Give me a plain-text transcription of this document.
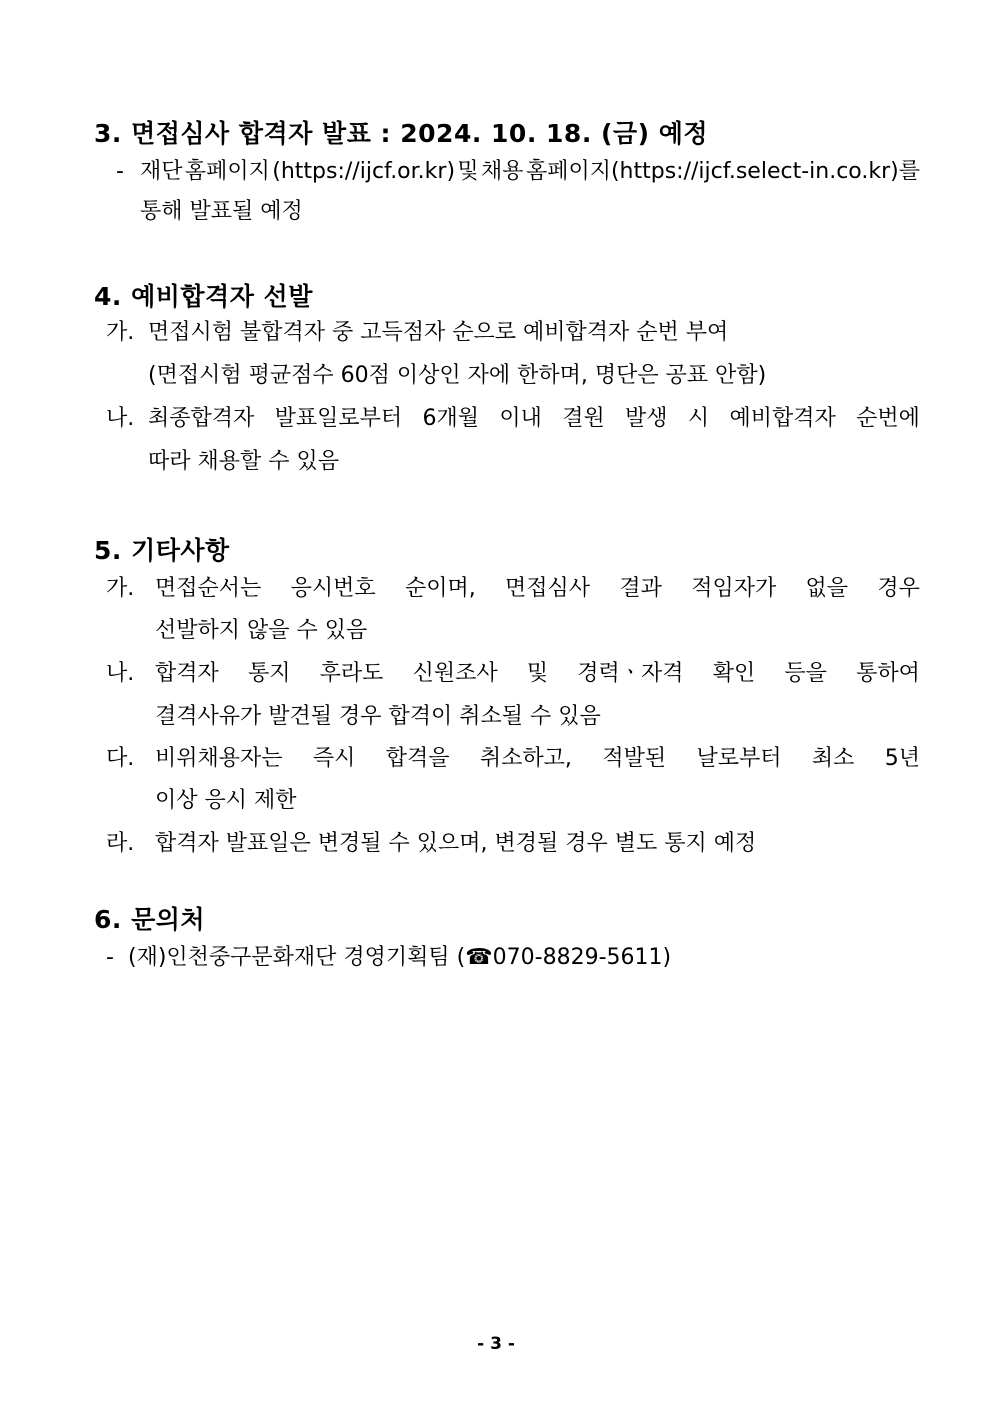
3. 면접심사 합격자 발표 : 2024. 10. 18. (금) 예정
- 재단 홈페이지 (https://ijcf.or.kr) 및 채용 홈페이지(https://ijcf.select-in.co.kr)를
통해 발표될 예정
4. 예비합격자 선발
가. 면접시험 불합격자 중 고득점자 순으로 예비합격자 순번 부여
(면접시험 평균점수 60점 이상인 자에 한하며, 명단은 공표 안함)
나. 최종합격자 발표일로부터 6개월 이내 결원 발생 시 예비합격자 순번에
따라 채용할 수 있음
5. 기타사항
가. 면접순서는 응시번호 순이며, 면접심사 결과 적임자가 없을 경우
선발하지 않을 수 있음
나. 합격자 통지 후라도 신원조사 및 경력ㆍ자격 확인 등을 통하여
결격사유가 발견될 경우 합격이 취소될 수 있음
다. 비위채용자는 즉시 합격을 취소하고, 적발된 날로부터 최소 5년
이상 응시 제한
라. 합격자 발표일은 변경될 수 있으며, 변경될 경우 별도 통지 예정
6. 문의처
- (재)인천중구문화재단 경영기획팀 (☎070-8829-5611)
- 3 -
